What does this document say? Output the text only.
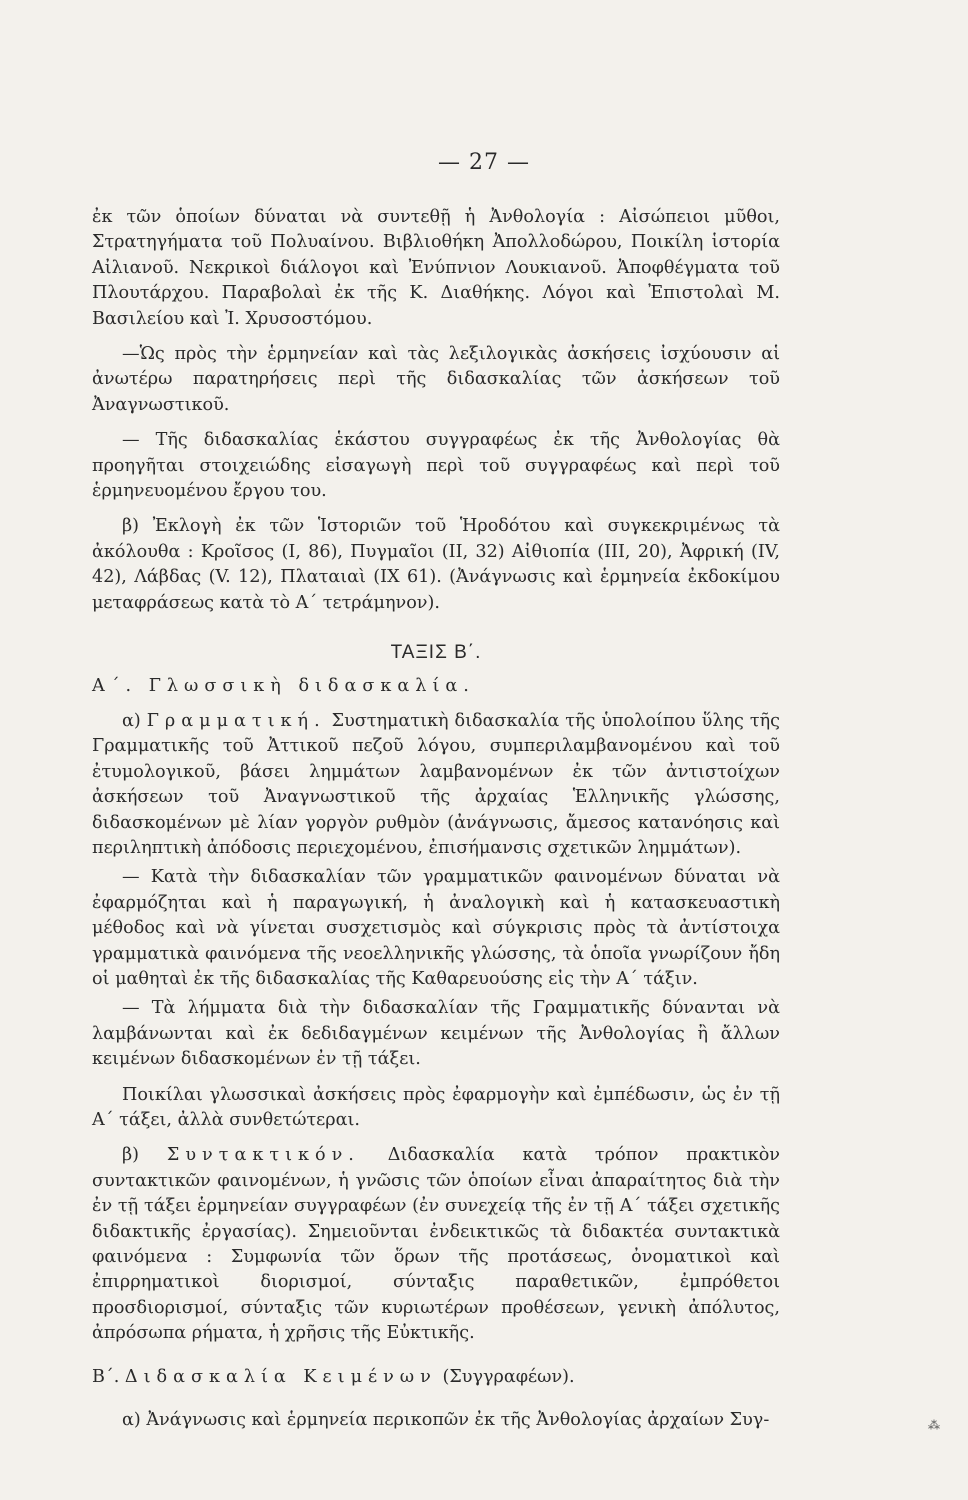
— 27 —

ἐκ τῶν ὁποίων δύναται νὰ συντεθῇ ἡ Ἀνθολογία : Αἰσώπειοι μῦθοι, Στρατηγήματα τοῦ Πολυαίνου. Βιβλιοθήκη Ἀπολλοδώρου, Ποικίλη ἱστορία Αἰλιανοῦ. Νεκρικοὶ διάλογοι καὶ Ἐνύπνιον Λουκιανοῦ. Ἀποφθέγματα τοῦ Πλουτάρχου. Παραβολαὶ ἐκ τῆς Κ. Διαθήκης. Λόγοι καὶ Ἐπιστολαὶ Μ. Βασιλείου καὶ Ἰ. Χρυσοστόμου.

—Ὡς πρὸς τὴν ἑρμηνείαν καὶ τὰς λεξιλογικὰς ἀσκήσεις ἰσχύουσιν αἱ ἀνωτέρω παρατηρήσεις περὶ τῆς διδασκαλίας τῶν ἀσκήσεων τοῦ Ἀναγνωστικοῦ.

— Τῆς διδασκαλίας ἑκάστου συγγραφέως ἐκ τῆς Ἀνθολογίας θὰ προηγῆται στοιχειώδης εἰσαγωγὴ περὶ τοῦ συγγραφέως καὶ περὶ τοῦ ἑρμηνευομένου ἔργου του.

β) Ἐκλογὴ ἐκ τῶν Ἱστοριῶν τοῦ Ἡροδότου καὶ συγκεκριμένως τὰ ἀκόλουθα : Κροῖσος (Ι, 86), Πυγμαῖοι (ΙΙ, 32) Αἰθιοπία (ΙΙΙ, 20), Ἀφρική (IV, 42), Λάβδας (V. 12), Πλαταιαὶ (ΙΧ 61). (Ἀνάγνωσις καὶ ἑρμηνεία ἐκδοκίμου μεταφράσεως κατὰ τὸ Α΄ τετράμηνον).

ΤΑΞΙΣ Β΄.

Α΄. Γλωσσικὴ διδασκαλία.

α) Γραμματική. Συστηματικὴ διδασκαλία τῆς ὑπολοίπου ὕλης τῆς Γραμματικῆς τοῦ Ἀττικοῦ πεζοῦ λόγου, συμπεριλαμβανομένου καὶ τοῦ ἐτυμολογικοῦ, βάσει λημμάτων λαμβανομένων ἐκ τῶν ἀντιστοίχων ἀσκήσεων τοῦ Ἀναγνωστικοῦ τῆς ἀρχαίας Ἑλληνικῆς γλώσσης, διδασκομένων μὲ λίαν γοργὸν ρυθμὸν (ἀνάγνωσις, ἄμεσος κατανόησις καὶ περιληπτικὴ ἀπόδοσις περιεχομένου, ἐπισήμανσις σχετικῶν λημμάτων).

— Κατὰ τὴν διδασκαλίαν τῶν γραμματικῶν φαινομένων δύναται νὰ ἐφαρμόζηται καὶ ἡ παραγωγική, ἡ ἀναλογικὴ καὶ ἡ κατασκευαστικὴ μέθοδος καὶ νὰ γίνεται συσχετισμὸς καὶ σύγκρισις πρὸς τὰ ἀντίστοιχα γραμματικὰ φαινόμενα τῆς νεοελληνικῆς γλώσσης, τὰ ὁποῖα γνωρίζουν ἤδη οἱ μαθηταὶ ἐκ τῆς διδασκαλίας τῆς Καθαρευούσης εἰς τὴν Α΄ τάξιν.

— Τὰ λήμματα διὰ τὴν διδασκαλίαν τῆς Γραμματικῆς δύνανται νὰ λαμβάνωνται καὶ ἐκ δεδιδαγμένων κειμένων τῆς Ἀνθολογίας ἢ ἄλλων κειμένων διδασκομένων ἐν τῇ τάξει.

Ποικίλαι γλωσσικαὶ ἀσκήσεις πρὸς ἐφαρμογὴν καὶ ἐμπέδωσιν, ὡς ἐν τῇ Α΄ τάξει, ἀλλὰ συνθετώτεραι.

β) Συντακτικόν. Διδασκαλία κατὰ τρόπον πρακτικὸν συντακτικῶν φαινομένων, ἡ γνῶσις τῶν ὁποίων εἶναι ἀπαραίτητος διὰ τὴν ἐν τῇ τάξει ἑρμηνείαν συγγραφέων (ἐν συνεχείᾳ τῆς ἐν τῇ Α΄ τάξει σχετικῆς διδακτικῆς ἐργασίας). Σημειοῦνται ἐνδεικτικῶς τὰ διδακτέα συντακτικὰ φαινόμενα : Συμφωνία τῶν ὅρων τῆς προτάσεως, ὀνοματικοὶ καὶ ἐπιρρηματικοὶ διορισμοί, σύνταξις παραθετικῶν, ἐμπρόθετοι προσδιορισμοί, σύνταξις τῶν κυριωτέρων προθέσεων, γενικὴ ἀπόλυτος, ἀπρόσωπα ρήματα, ἡ χρῆσις τῆς Εὐκτικῆς.

Β΄. Διδασκαλία Κειμένων (Συγγραφέων).

α) Ἀνάγνωσις καὶ ἑρμηνεία περικοπῶν ἐκ τῆς Ἀνθολογίας ἀρχαίων Συγ-	⁂
